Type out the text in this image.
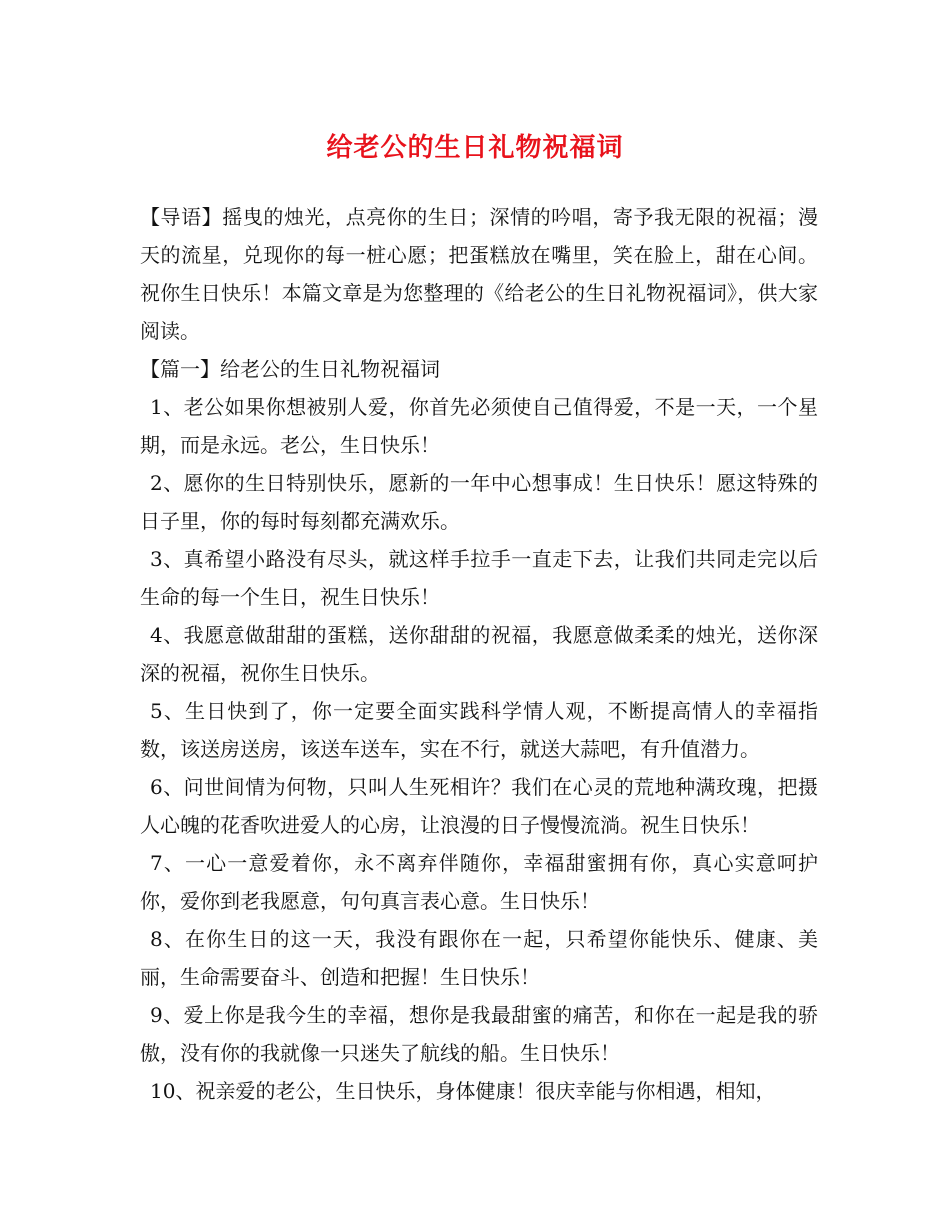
给老公的生日礼物祝福词

【导语】摇曳的烛光，点亮你的生日；深情的吟唱，寄予我无限的祝福；漫天的流星，兑现你的每一桩心愿；把蛋糕放在嘴里，笑在脸上，甜在心间。祝你生日快乐！本篇文章是为您整理的《给老公的生日礼物祝福词》，供大家阅读。

【篇一】给老公的生日礼物祝福词

1、老公如果你想被别人爱，你首先必须使自己值得爱，不是一天，一个星期，而是永远。老公，生日快乐！

2、愿你的生日特别快乐，愿新的一年中心想事成！生日快乐！愿这特殊的日子里，你的每时每刻都充满欢乐。

3、真希望小路没有尽头，就这样手拉手一直走下去，让我们共同走完以后生命的每一个生日，祝生日快乐！

4、我愿意做甜甜的蛋糕，送你甜甜的祝福，我愿意做柔柔的烛光，送你深深的祝福，祝你生日快乐。

5、生日快到了，你一定要全面实践科学情人观，不断提高情人的幸福指数，该送房送房，该送车送车，实在不行，就送大蒜吧，有升值潜力。

6、问世间情为何物，只叫人生死相许？我们在心灵的荒地种满玫瑰，把摄人心魄的花香吹进爱人的心房，让浪漫的日子慢慢流淌。祝生日快乐！

7、一心一意爱着你，永不离弃伴随你，幸福甜蜜拥有你，真心实意呵护你，爱你到老我愿意，句句真言表心意。生日快乐！

8、在你生日的这一天，我没有跟你在一起，只希望你能快乐、健康、美丽，生命需要奋斗、创造和把握！生日快乐！

9、爱上你是我今生的幸福，想你是我最甜蜜的痛苦，和你在一起是我的骄傲，没有你的我就像一只迷失了航线的船。生日快乐！

10、祝亲爱的老公，生日快乐，身体健康！很庆幸能与你相遇，相知，
